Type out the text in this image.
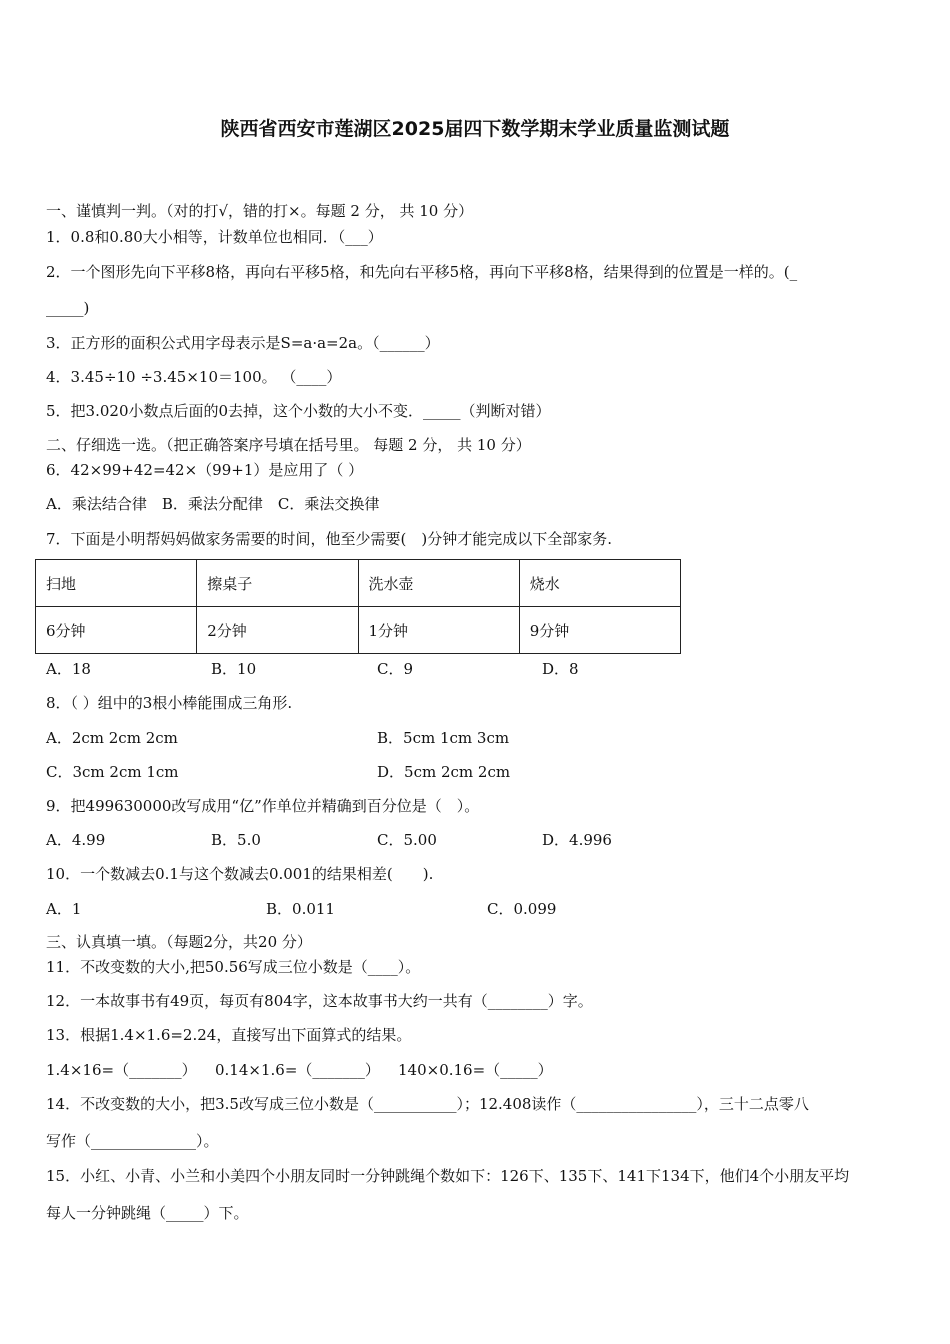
陕西省西安市莲湖区2025届四下数学期末学业质量监测试题
一、谨慎判一判。（对的打√，错的打×。每题 2 分， 共 10 分）
1．0.8和0.80大小相等，计数单位也相同．（___）
2．一个图形先向下平移8格，再向右平移5格，和先向右平移5格，再向下平移8格，结果得到的位置是一样的。(_
_____)
3．正方形的面积公式用字母表示是S=a·a=2a。（______）
4．3.45÷10 ÷3.45×10＝100。 （____）
5．把3.020小数点后面的0去掉，这个小数的大小不变．_____（判断对错）
二、仔细选一选。（把正确答案序号填在括号里。 每题 2 分， 共 10 分）
6．42×99+42=42×（99+1）是应用了（ ）
A．乘法结合律　B．乘法分配律　C．乘法交换律
7．下面是小明帮妈妈做家务需要的时间，他至少需要(　)分钟才能完成以下全部家务.
扫地	擦桌子	洗水壶	烧水
6分钟	2分钟	1分钟	9分钟
A．18	B．10	C．9	D．8
8．（ ）组中的3根小棒能围成三角形.
A．2cm 2cm 2cm	B．5cm 1cm 3cm
C．3cm 2cm 1cm	D．5cm 2cm 2cm
9．把499630000改写成用“亿”作单位并精确到百分位是（　）。
A．4.99	B．5.0	C．5.00	D．4.996
10．一个数减去0.1与这个数减去0.001的结果相差(　　).
A．1	B．0.011	C．0.099
三、认真填一填。（每题2分，共20 分）
11．不改变数的大小,把50.56写成三位小数是（____）。
12．一本故事书有49页，每页有804字，这本故事书大约一共有（________）字。
13．根据1.4×1.6=2.24，直接写出下面算式的结果。
1.4×16=（_______） 0.14×1.6=（_______） 140×0.16=（_____）
14．不改变数的大小，把3.5改写成三位小数是（___________）；12.408读作（________________），三十二点零八
写作（______________）。
15．小红、小青、小兰和小美四个小朋友同时一分钟跳绳个数如下：126下、135下、141下134下，他们4个小朋友平均
每人一分钟跳绳（_____）下。
